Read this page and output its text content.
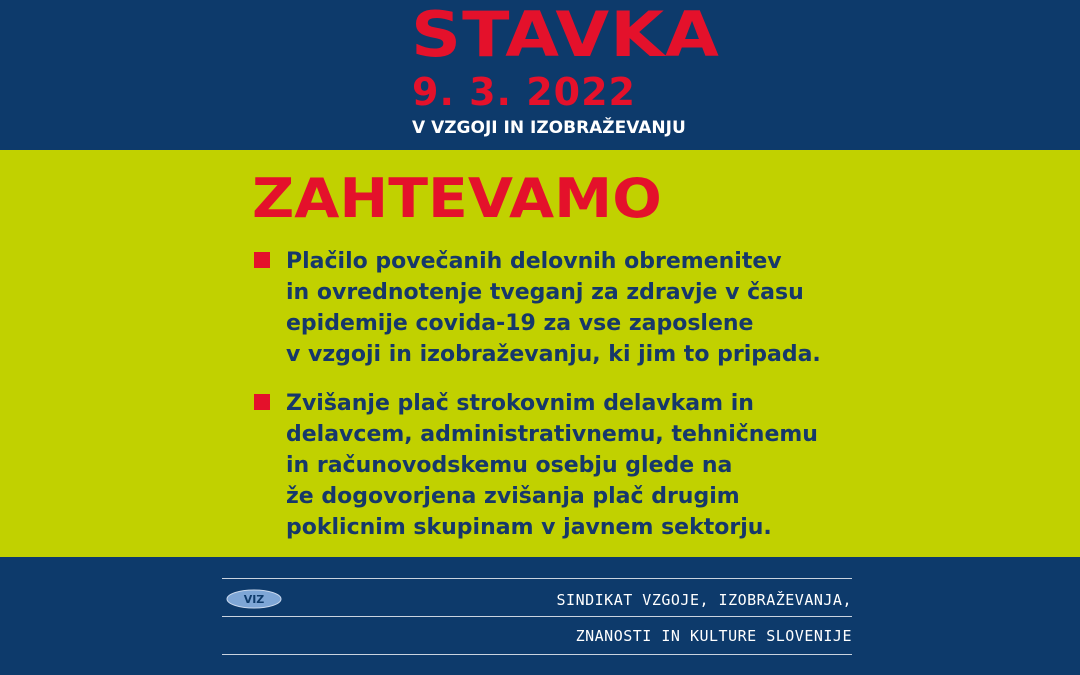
STAVKA
9. 3. 2022
V VZGOJI IN IZOBRAŽEVANJU
ZAHTEVAMO
Plačilo povečanih delovnih obremenitev
in ovrednotenje tveganj za zdravje v času
epidemije covida-19 za vse zaposlene
v vzgoji in izobraževanju, ki jim to pripada.
Zvišanje plač strokovnim delavkam in
delavcem, administrativnemu, tehničnemu
in računovodskemu osebju glede na
že dogovorjena zvišanja plač drugim
poklicnim skupinam v javnem sektorju.
VIZ	SINDIKAT VZGOJE, IZOBRAŽEVANJA,
ZNANOSTI IN KULTURE SLOVENIJE
